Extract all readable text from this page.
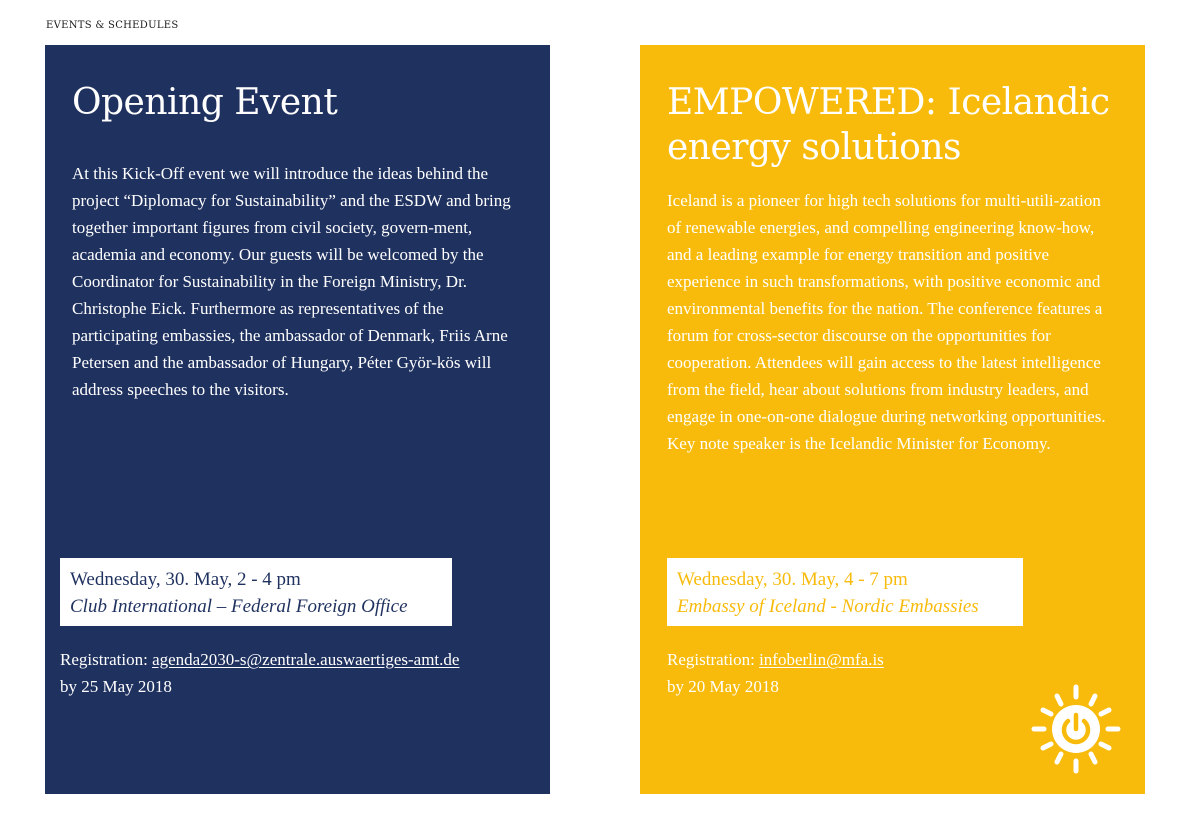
EVENTS & SCHEDULES
Opening Event

At this Kick-Off event we will introduce the ideas behind the project “Diplomacy for Sustainability” and the ESDW and bring together important figures from civil society, govern-ment, academia and economy. Our guests will be welcomed by the Coordinator for Sustainability in the Foreign Ministry, Dr. Christophe Eick. Furthermore as representatives of the participating embassies, the ambassador of Denmark, Friis Arne Petersen and the ambassador of Hungary, Péter Györ-kös will address speeches to the visitors.

Wednesday, 30. May, 2 - 4 pm
Club International – Federal Foreign Office
Registration: agenda2030-s@zentrale.auswaertiges-amt.de
by 25 May 2018
EMPOWERED: Icelandic energy solutions

Iceland is a pioneer for high tech solutions for multi-utili-zation of renewable energies, and compelling engineering know-how, and a leading example for energy transition and positive experience in such transformations, with positive economic and environmental benefits for the nation. The conference features a forum for cross-sector discourse on the opportunities for cooperation. Attendees will gain access to the latest intelligence from the field, hear about solutions from industry leaders, and engage in one-on-one dialogue during networking opportunities. Key note speaker is the Icelandic Minister for Economy.

Wednesday, 30. May, 4 - 7 pm
Embassy of Iceland - Nordic Embassies
Registration: infoberlin@mfa.is
by 20 May 2018
